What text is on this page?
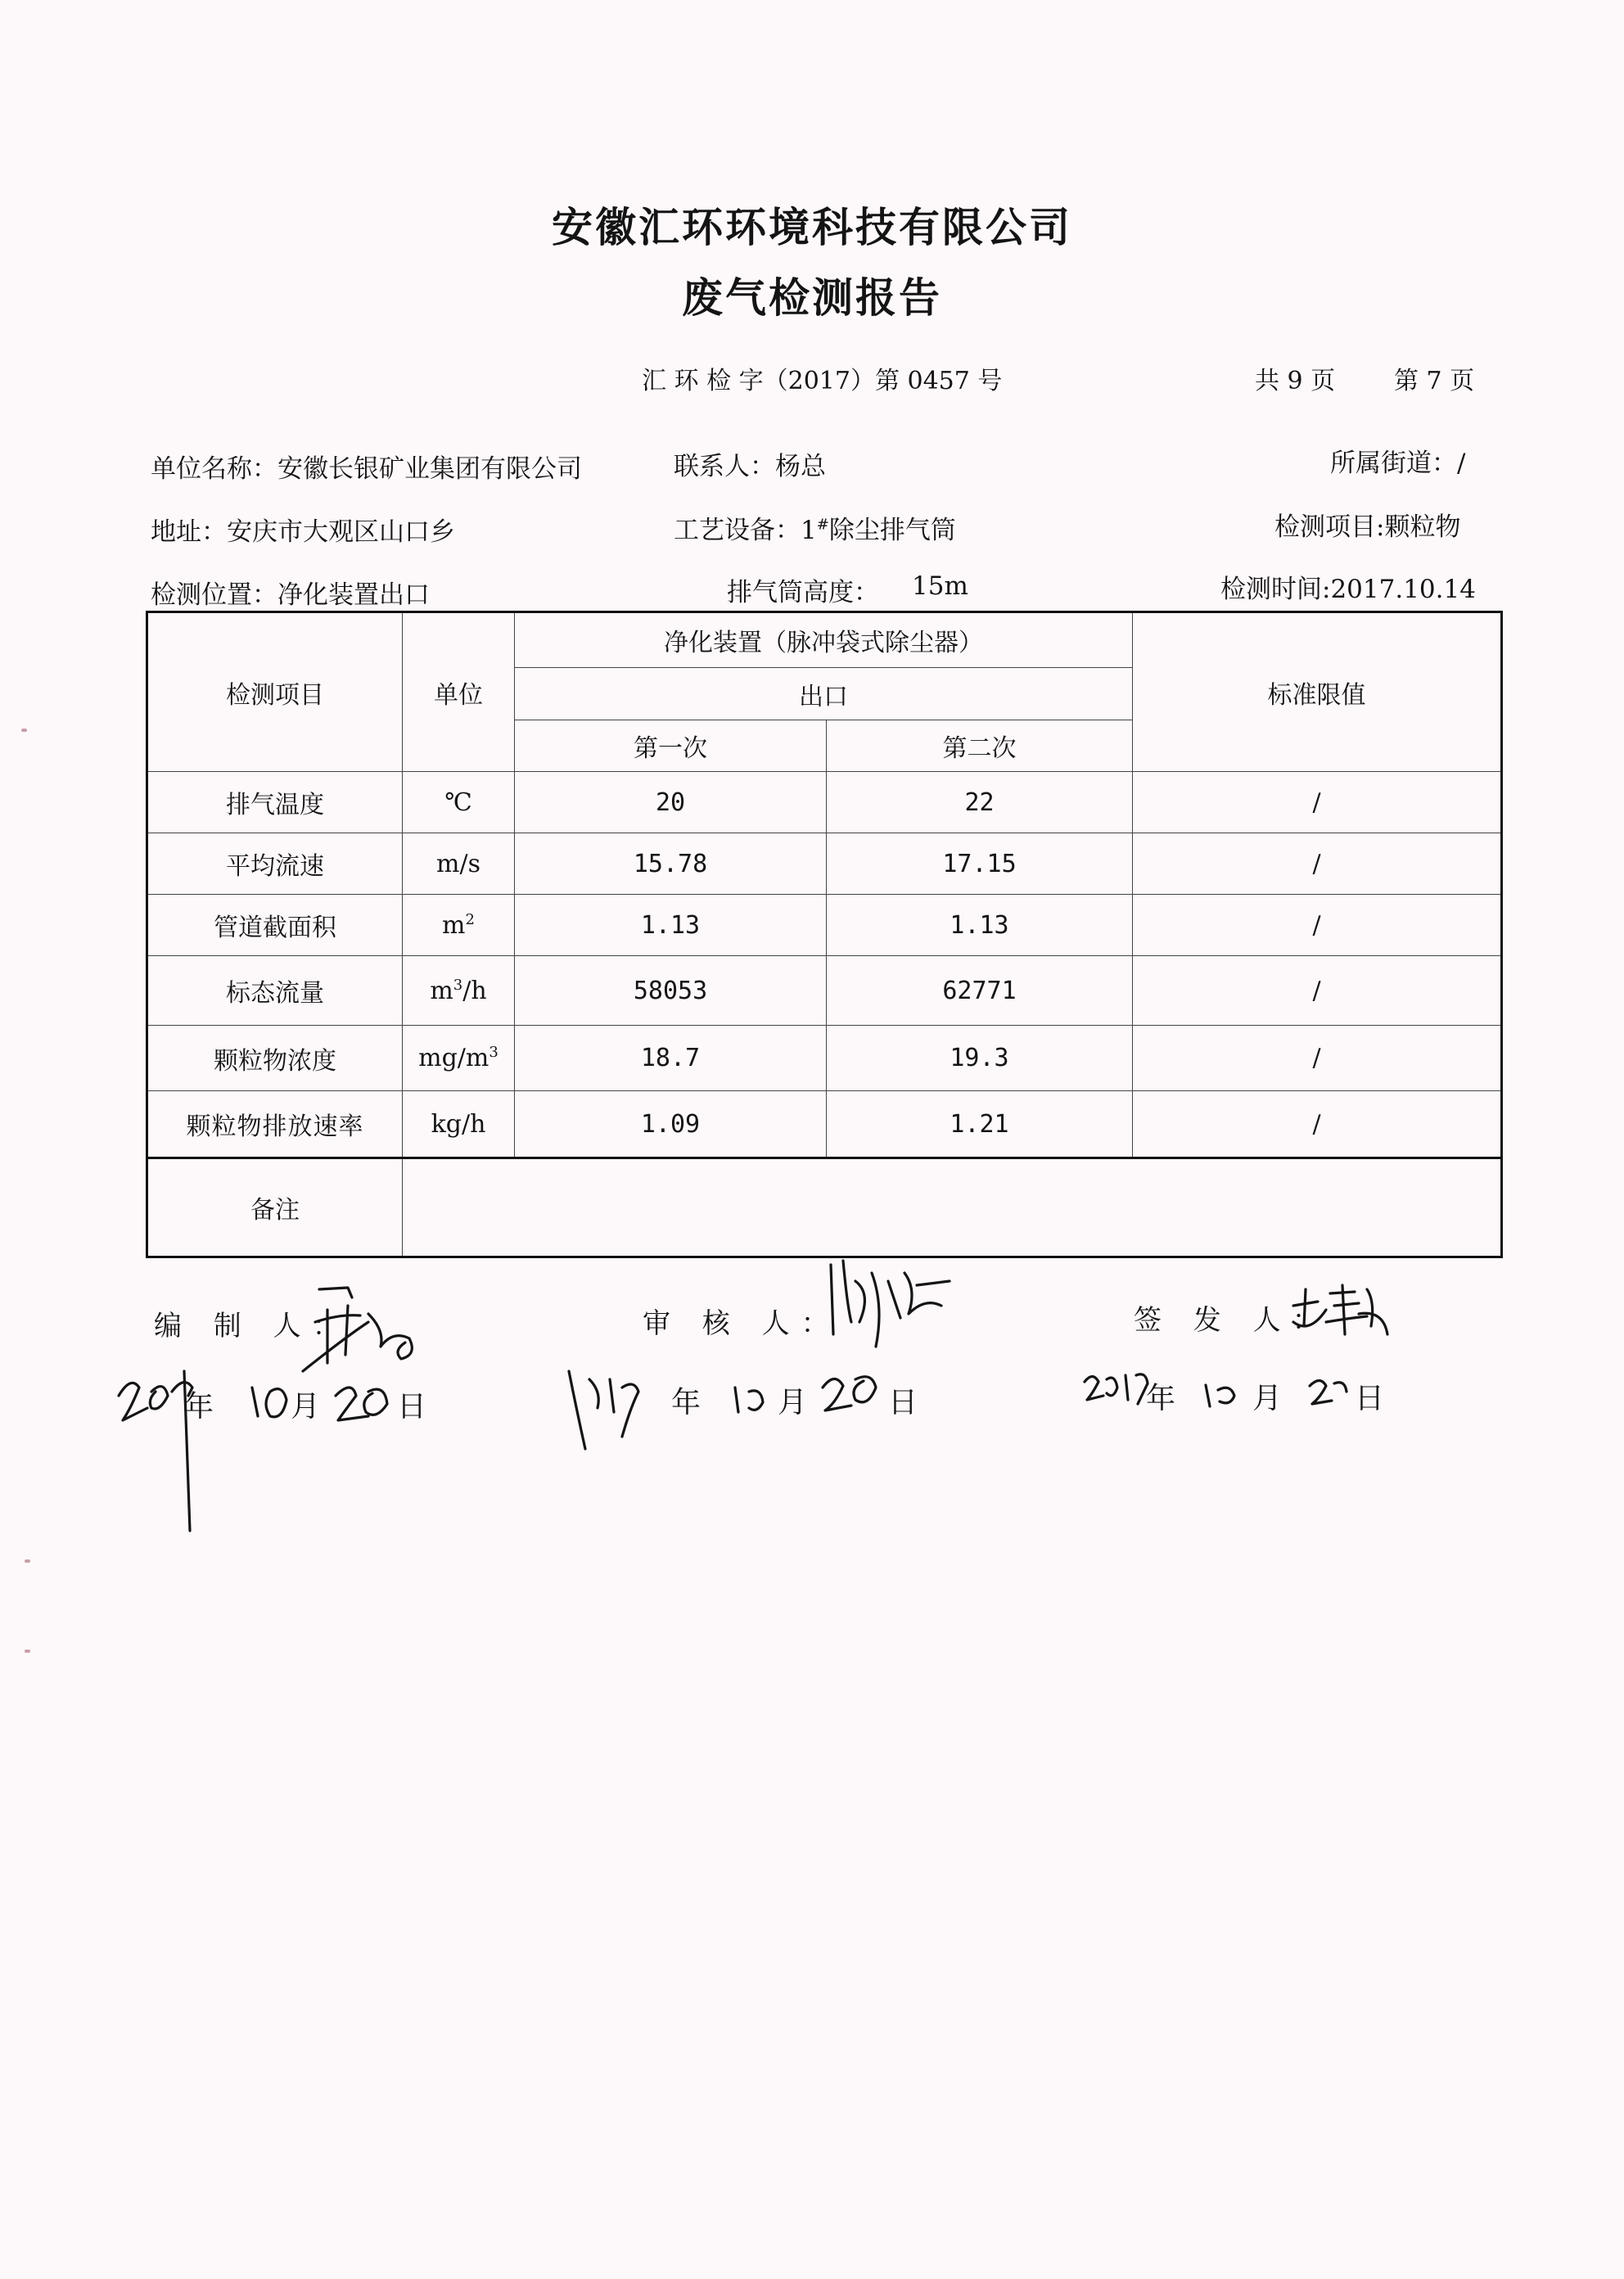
安徽汇环环境科技有限公司
废气检测报告
汇 环 检 字（2017）第 0457 号	共 9 页 第 7 页
单位名称：安徽长银矿业集团有限公司	联系人：杨总	所属街道：/
地址：安庆市大观区山口乡	工艺设备：1#除尘排气筒	检测项目:颗粒物
检测位置：净化装置出口	排气筒高度： 15m	检测时间:2017.10.14
检测项目	单位	净化装置（脉冲袋式除尘器）		标准限值
		出口		
		第一次	第二次	
排气温度	℃	20	22	/
平均流速	m/s	15.78	17.15	/
管道截面积	$m^2$	1.13	1.13	/
标态流量	$m^3/h$	58053	62771	/
颗粒物浓度	$mg/m^3$	18.7	19.3	/
颗粒物排放速率	kg/h	1.09	1.21	/
备注				
编 制 人：	审 核 人：	签 发 人：
年	月	日	年	月	日	年	月 日
